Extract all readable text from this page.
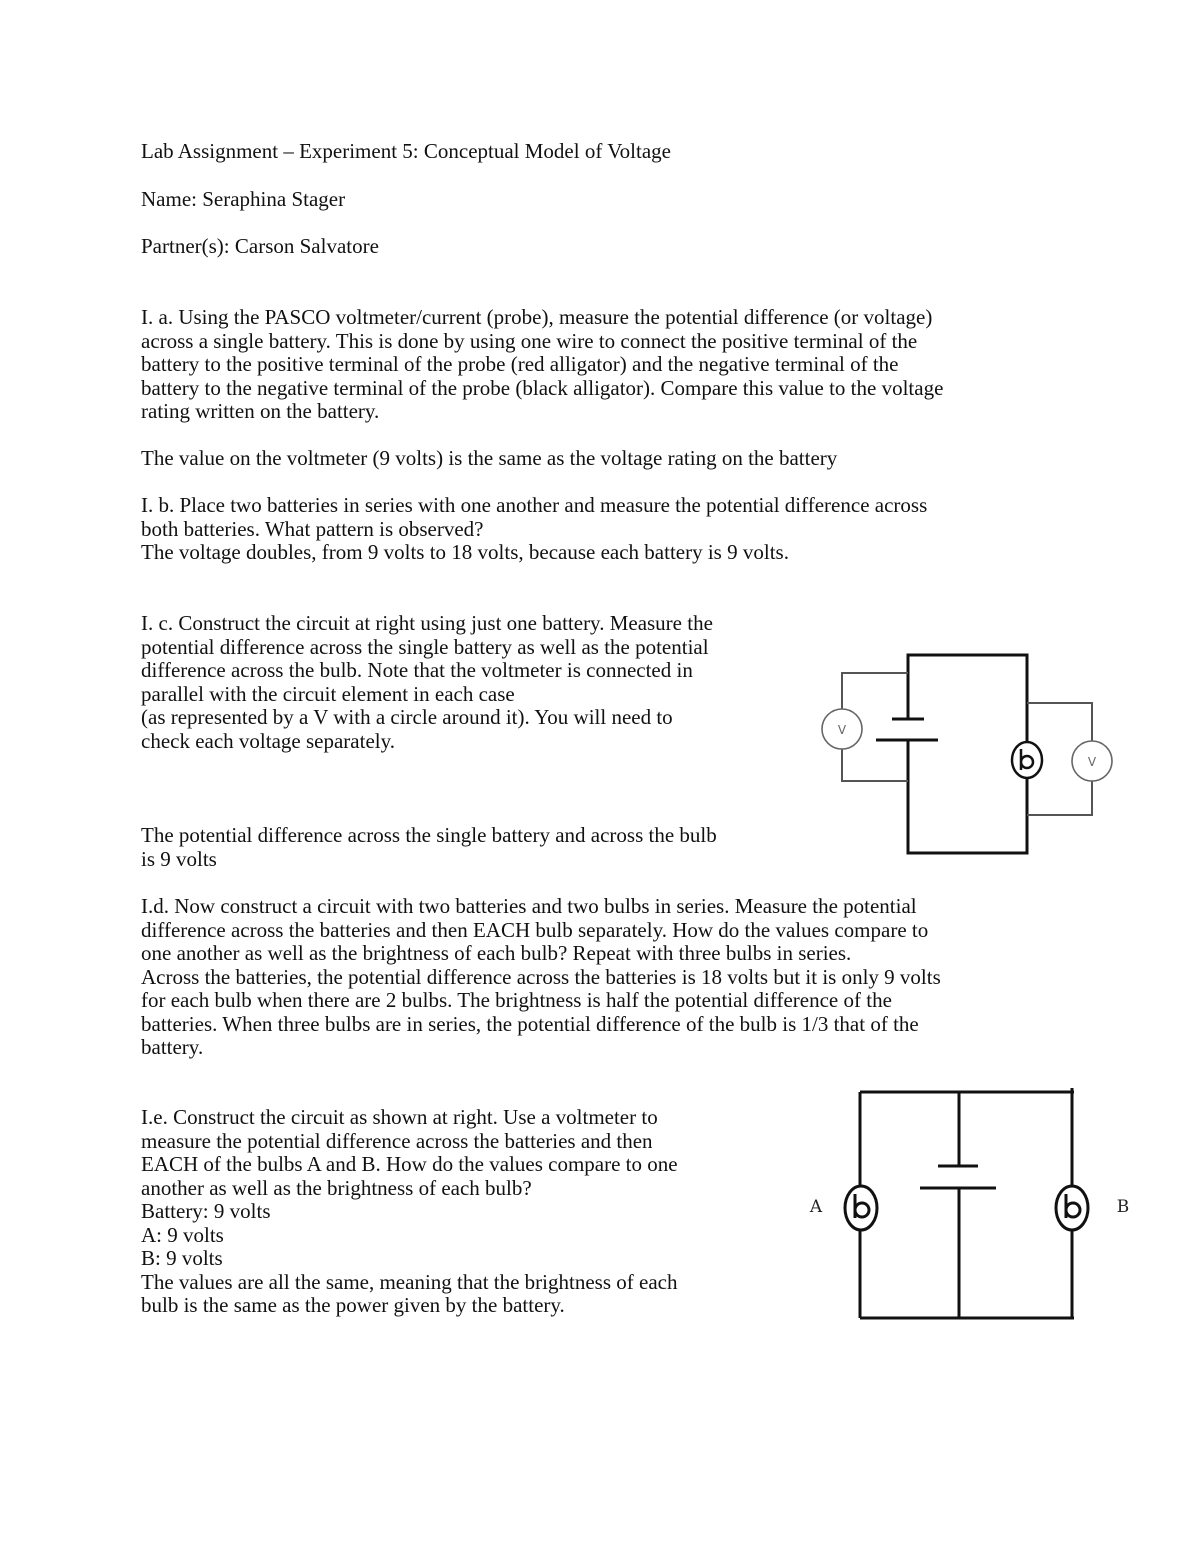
Lab Assignment – Experiment 5: Conceptual Model of Voltage

Name: Seraphina Stager

Partner(s): Carson Salvatore

I. a. Using the PASCO voltmeter/current (probe), measure the potential difference (or voltage)
across a single battery. This is done by using one wire to connect the positive terminal of the
battery to the positive terminal of the probe (red alligator) and the negative terminal of the
battery to the negative terminal of the probe (black alligator). Compare this value to the voltage
rating written on the battery.

The value on the voltmeter (9 volts) is the same as the voltage rating on the battery

I. b. Place two batteries in series with one another and measure the potential difference across
both batteries. What pattern is observed?
The voltage doubles, from 9 volts to 18 volts, because each battery is 9 volts.
I. c. Construct the circuit at right using just one battery. Measure the
potential difference across the single battery as well as the potential
difference across the bulb. Note that the voltmeter is connected in
parallel with the circuit element in each case
(as represented by a V with a circle around it). You will need to
check each voltage separately.
The potential difference across the single battery and across the bulb
is 9 volts
V
V
I.d. Now construct a circuit with two batteries and two bulbs in series. Measure the potential
difference across the batteries and then EACH bulb separately. How do the values compare to
one another as well as the brightness of each bulb? Repeat with three bulbs in series.
Across the batteries, the potential difference across the batteries is 18 volts but it is only 9 volts
for each bulb when there are 2 bulbs. The brightness is half the potential difference of the
batteries. When three bulbs are in series, the potential difference of the bulb is 1/3 that of the
battery.
I.e. Construct the circuit as shown at right. Use a voltmeter to
measure the potential difference across the batteries and then
EACH of the bulbs A and B. How do the values compare to one
another as well as the brightness of each bulb?
Battery: 9 volts
A: 9 volts
B: 9 volts
The values are all the same, meaning that the brightness of each
bulb is the same as the power given by the battery.
A	B
